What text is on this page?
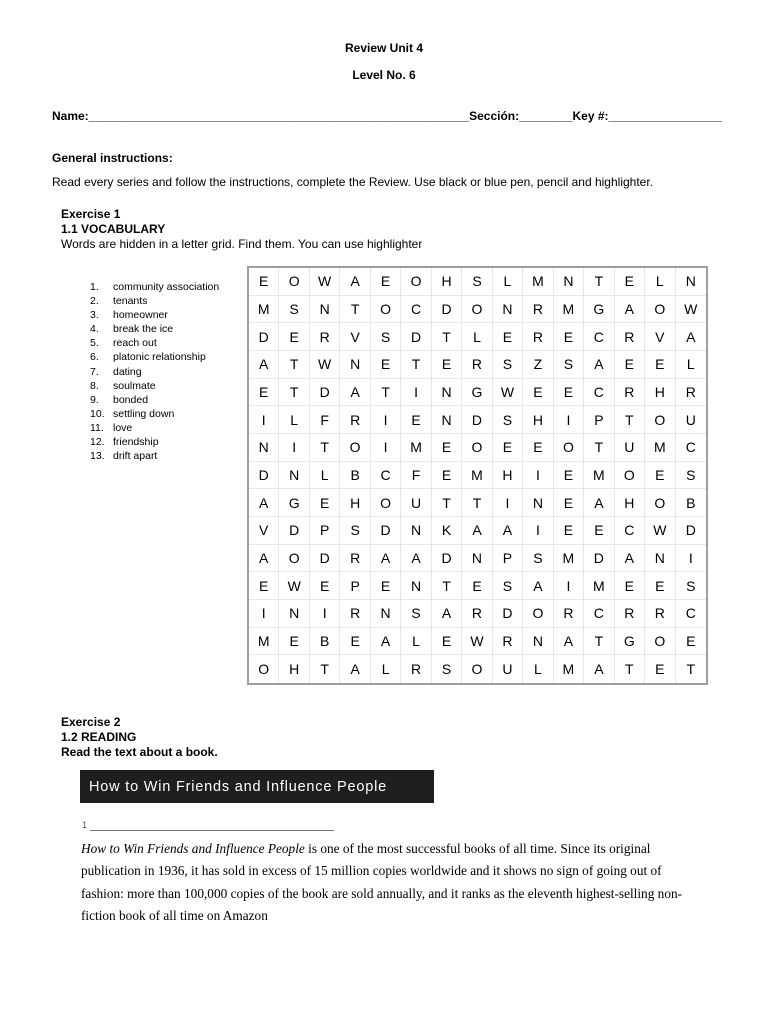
Review Unit 4
Level No. 6
Name:_________________________________________________________Sección:________Key #:_________________
General instructions:
Read every series and follow the instructions, complete the Review. Use black or blue pen, pencil and highlighter.
Exercise 1
1.1 VOCABULARY
Words are hidden in a letter grid. Find them. You can use highlighter
1. community association
2. tenants
3. homeowner
4. break the ice
5. reach out
6. platonic relationship
7. dating
8. soulmate
9. bonded
10. settling down
11. love
12. friendship
13. drift apart
E	O	W	A	E	O	H	S	L	M	N	T	E	L	N
M	S	N	T	O	C	D	O	N	R	M	G	A	O	W
D	E	R	V	S	D	T	L	E	R	E	C	R	V	A
A	T	W	N	E	T	E	R	S	Z	S	A	E	E	L
E	T	D	A	T	I	N	G	W	E	E	C	R	H	R
I	L	F	R	I	E	N	D	S	H	I	P	T	O	U
N	I	T	O	I	M	E	O	E	E	O	T	U	M	C
D	N	L	B	C	F	E	M	H	I	E	M	O	E	S
A	G	E	H	O	U	T	T	I	N	E	A	H	O	B
V	D	P	S	D	N	K	A	A	I	E	E	C	W	D
A	O	D	R	A	A	D	N	P	S	M	D	A	N	I
E	W	E	P	E	N	T	E	S	A	I	M	E	E	S
I	N	I	R	N	S	A	R	D	O	R	C	R	R	C
M	E	B	E	A	L	E	W	R	N	A	T	G	O	E
O	H	T	A	L	R	S	O	U	L	M	A	T	E	T
Exercise 2
1.2 READING
Read the text about a book.
How to Win Friends and Influence People
1
How to Win Friends and Influence People is one of the most successful books of all time. Since its original publication in 1936, it has sold in excess of 15 million copies worldwide and it shows no sign of going out of fashion: more than 100,000 copies of the book are sold annually, and it ranks as the eleventh highest-selling non-fiction book of all time on Amazon
